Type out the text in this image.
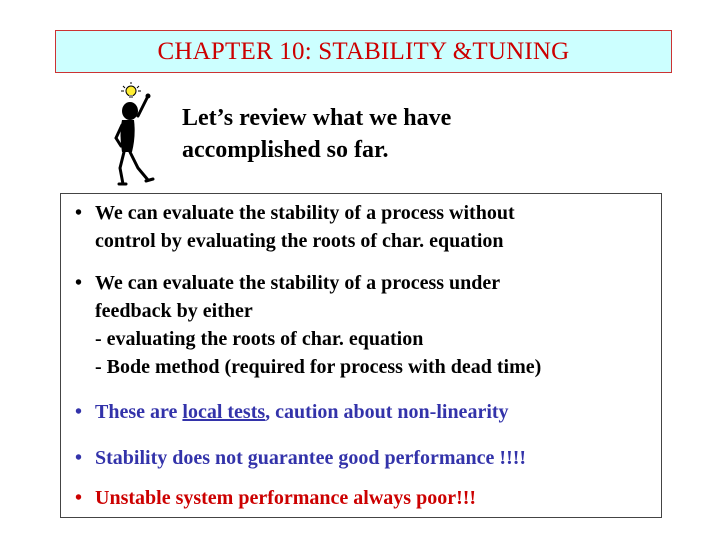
CHAPTER 10: STABILITY &TUNING
Let’s review what we have
accomplished so far.
• We can evaluate the stability of a process without
control by evaluating the roots of char. equation
• We can evaluate the stability of a process under
feedback by either
- evaluating the roots of char. equation
- Bode method (required for process with dead time)
• These are local tests, caution about non-linearity
• Stability does not guarantee good performance !!!!
• Unstable system performance always poor!!!
